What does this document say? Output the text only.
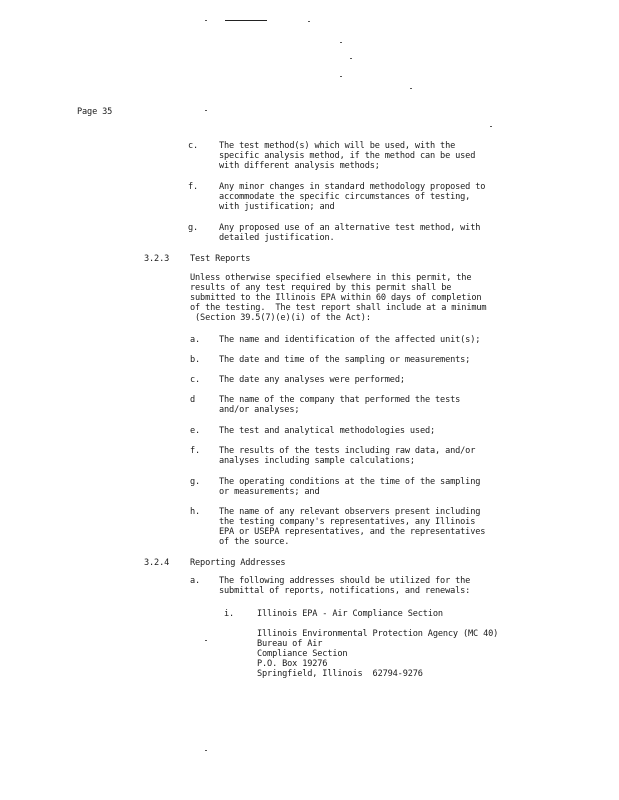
Page 35
c. The test method(s) which will be used, with the
specific analysis method, if the method can be used
with different analysis methods;
f. Any minor changes in standard methodology proposed to
accommodate the specific circumstances of testing,
with justification; and
g. Any proposed use of an alternative test method, with
detailed justification.
3.2.3 Test Reports
Unless otherwise specified elsewhere in this permit, the
results of any test required by this permit shall be
submitted to the Illinois EPA within 60 days of completion
of the testing.  The test report shall include at a minimum
(Section 39.5(7)(e)(i) of the Act):
a. The name and identification of the affected unit(s);
b. The date and time of the sampling or measurements;
c. The date any analyses were performed;
d	The name of the company that performed the tests
and/or analyses;
e. The test and analytical methodologies used;
f. The results of the tests including raw data, and/or
analyses including sample calculations;
g. The operating conditions at the time of the sampling
or measurements; and
h. The name of any relevant observers present including
the testing company's representatives, any Illinois
EPA or USEPA representatives, and the representatives
of the source.
3.2.4 Reporting Addresses
a. The following addresses should be utilized for the
submittal of reports, notifications, and renewals:
i.	Illinois EPA - Air Compliance Section
Illinois Environmental Protection Agency (MC 40)
Bureau of Air
Compliance Section
P.O. Box 19276
Springfield, Illinois  62794-9276
